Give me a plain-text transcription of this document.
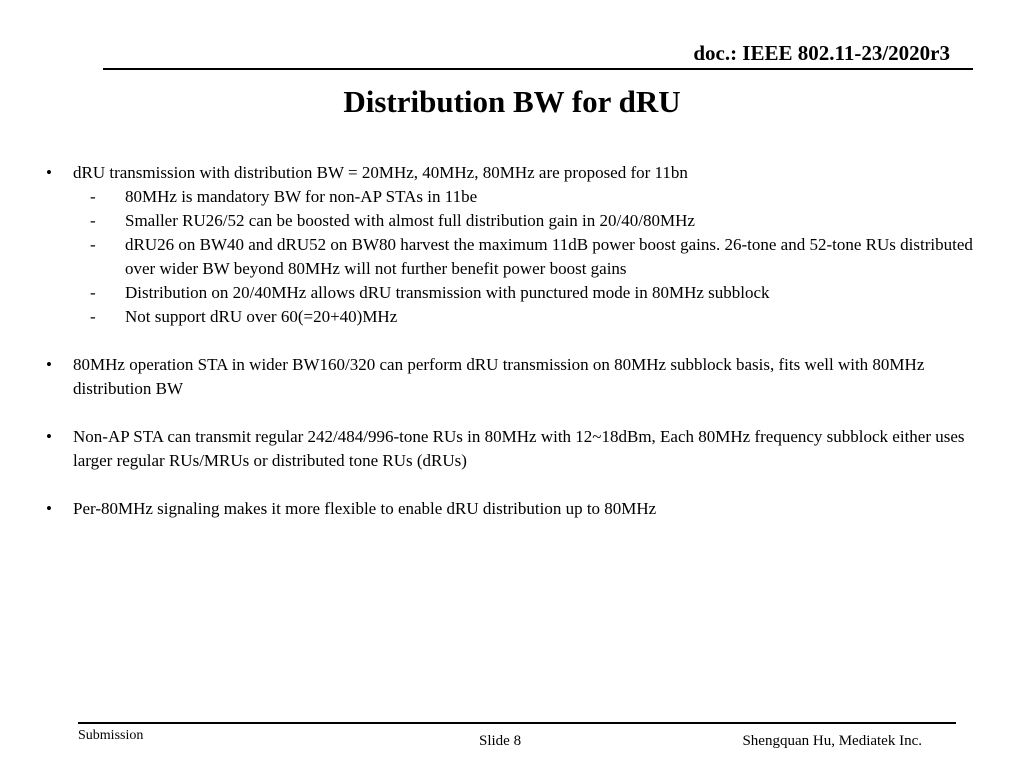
doc.: IEEE 802.11-23/2020r3
Distribution BW for dRU
• dRU transmission with distribution BW = 20MHz, 40MHz, 80MHz are proposed for 11bn
- 80MHz is mandatory BW for non-AP STAs in 11be
- Smaller RU26/52 can be boosted with almost full distribution gain in 20/40/80MHz
- dRU26 on BW40 and dRU52 on BW80 harvest the maximum 11dB power boost gains. 26-tone and 52-tone RUs distributed over wider BW beyond 80MHz will not further benefit power boost gains
- Distribution on 20/40MHz allows dRU transmission with punctured mode in 80MHz subblock
- Not support dRU over 60(=20+40)MHz
• 80MHz operation STA in wider BW160/320 can perform dRU transmission on 80MHz subblock basis, fits well with 80MHz distribution BW
• Non-AP STA can transmit regular 242/484/996-tone RUs in 80MHz with 12~18dBm, Each 80MHz frequency subblock either uses larger regular RUs/MRUs or distributed tone RUs (dRUs)
• Per-80MHz signaling makes it more flexible to enable dRU distribution up to 80MHz
Submission	Slide 8	Shengquan Hu, Mediatek Inc.
